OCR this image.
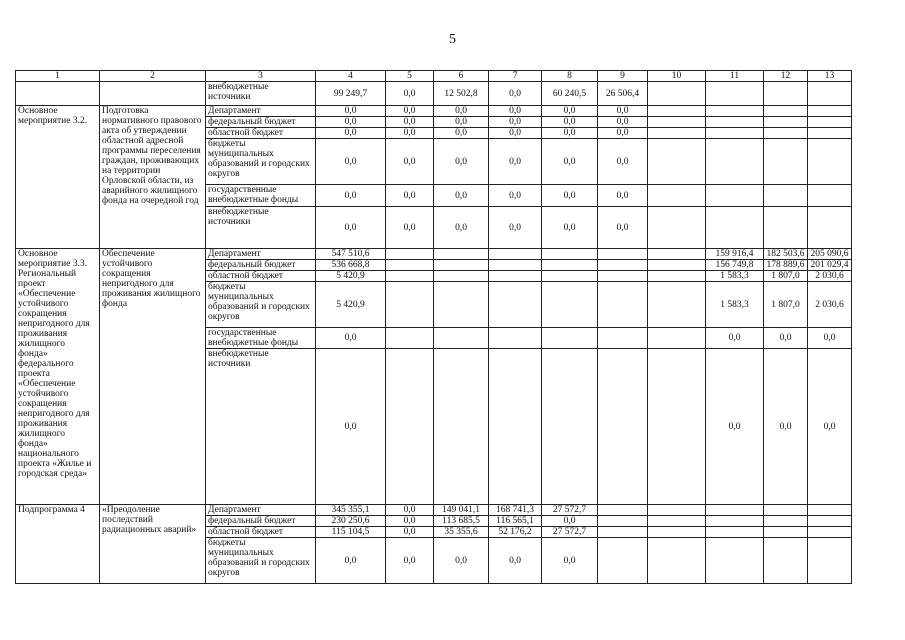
5
1	2	3	4	5	6	7	8	9	10	11	12	13
		внебюджетные источники	99 249,7	0,0	12 502,8	0,0	60 240,5	26 506,4				
Основное мероприятие 3.2.	Подготовка нормативного правового акта об утверждении областной адресной программы переселения граждан, проживающих на территории Орловской области, из аварийного жилищного фонда на очередной год	Департамент	0,0	0,0	0,0	0,0	0,0	0,0				
		федеральный бюджет	0,0	0,0	0,0	0,0	0,0	0,0				
		областной бюджет	0,0	0,0	0,0	0,0	0,0	0,0				
		бюджеты муниципальных образований и городских округов	0,0	0,0	0,0	0,0	0,0	0,0				
		государственные внебюджетные фонды	0,0	0,0	0,0	0,0	0,0	0,0				
		внебюджетные источники	0,0	0,0	0,0	0,0	0,0	0,0				
Основное мероприятие 3.3. Региональный проект «Обеспечение устойчивого сокращения непригодного для проживания жилищного фонда» федерального проекта «Обеспечение устойчивого сокращения непригодного для проживания жилищного фонда» национального проекта «Жилье и городская среда»	Обеспечение устойчивого сокращения непригодного для проживания жилищного фонда	Департамент	547 510,6							159 916,4	182 503,6	205 090,6
		федеральный бюджет	536 668,8							156 749,8	178 889,6	201 029,4
		областной бюджет	5 420,9							1 583,3	1 807,0	2 030,6
		бюджеты муниципальных образований и городских округов	5 420,9							1 583,3	1 807,0	2 030,6
		государственные внебюджетные фонды	0,0							0,0	0,0	0,0
		внебюджетные источники	0,0							0,0	0,0	0,0
Подпрограмма 4	«Преодоление последствий радиационных аварий»	Департамент	345 355,1	0,0	149 041,1	168 741,3	27 572,7					
		федеральный бюджет	230 250,6	0,0	113 685,5	116 565,1	0,0					
		областной бюджет	115 104,5	0,0	35 355,6	52 176,2	27 572,7					
		бюджеты муниципальных образований и городских округов	0,0	0,0	0,0	0,0	0,0					
